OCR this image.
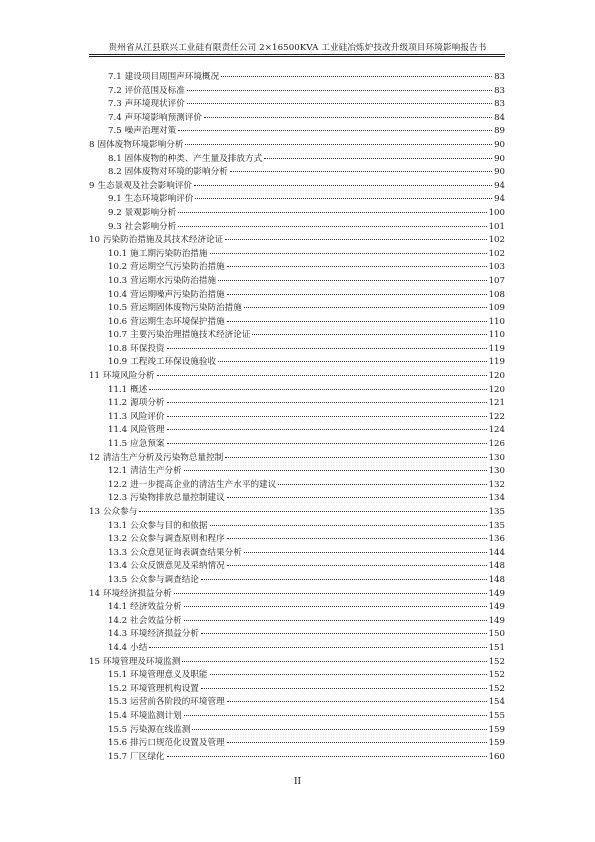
贵州省从江县联兴工业硅有限责任公司 2×16500KVA 工业硅冶炼炉技改升级项目环境影响报告书
7.1 建设项目周围声环境概况	83
7.2 评价范围及标准	83
7.3 声环境现状评价	83
7.4 声环境影响预测评价	84
7.5 噪声治理对策	89
8 固体废物环境影响分析	90
8.1 固体废物的种类、产生量及排放方式	90
8.2 固体废物对环境的影响分析	90
9 生态景观及社会影响评价	94
9.1 生态环境影响评价	94
9.2 景观影响分析	100
9.3 社会影响分析	101
10 污染防治措施及其技术经济论证	102
10.1 施工期污染防治措施	102
10.2 营运期空气污染防治措施	103
10.3 营运期水污染防治措施	107
10.4 营运期噪声污染防治措施	108
10.5 营运期固体废物污染防治措施	109
10.6 营运期生态环境保护措施	110
10.7 主要污染治理措施技术经济论证	110
10.8 环保投资	119
10.9 工程竣工环保设施验收	119
11 环境风险分析	120
11.1 概述	120
11.2 源项分析	121
11.3 风险评价	122
11.4 风险管理	124
11.5 应急预案	126
12 清洁生产分析及污染物总量控制	130
12.1 清洁生产分析	130
12.2 进一步提高企业的清洁生产水平的建议	132
12.3 污染物排放总量控制建议	134
13 公众参与	135
13.1 公众参与目的和依据	135
13.2 公众参与调查原则和程序	136
13.3 公众意见征询表调查结果分析	144
13.4 公众反馈意见及采纳情况	148
13.5 公众参与调查结论	148
14 环境经济损益分析	149
14.1 经济效益分析	149
14.2 社会效益分析	149
14.3 环境经济损益分析	150
14.4 小结	151
15 环境管理及环境监测	152
15.1 环境管理意义及职能	152
15.2 环境管理机构设置	152
15.3 运营前各阶段的环境管理	154
15.4 环境监测计划	155
15.5 污染源在线监测	159
15.6 排污口规范化设置及管理	159
15.7 厂区绿化	160
II
